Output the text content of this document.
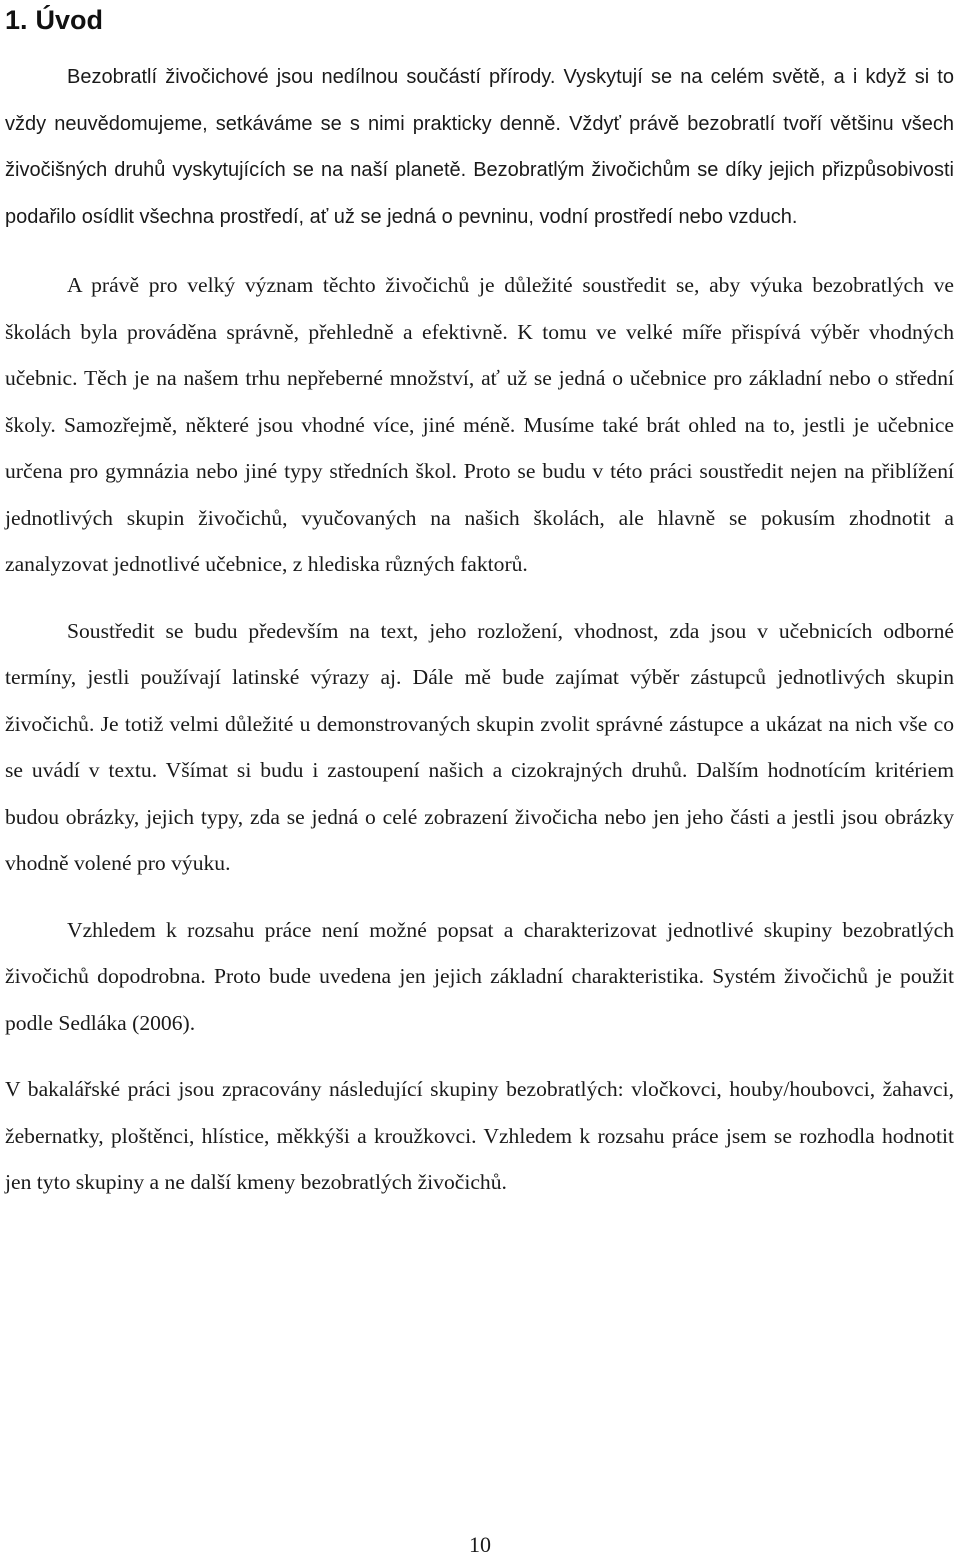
1. Úvod

Bezobratlí živočichové jsou nedílnou součástí přírody. Vyskytují se na celém světě, a i když si to vždy neuvědomujeme, setkáváme se s nimi prakticky denně. Vždyť právě bezobratlí tvoří většinu všech živočišných druhů vyskytujících se na naší planetě. Bezobratlým živočichům se díky jejich přizpůsobivosti podařilo osídlit všechna prostředí, ať už se jedná o pevninu, vodní prostředí nebo vzduch.

A právě pro velký význam těchto živočichů je důležité soustředit se, aby výuka bezobratlých ve školách byla prováděna správně, přehledně a efektivně. K tomu ve velké míře přispívá výběr vhodných učebnic. Těch je na našem trhu nepřeberné množství, ať už se jedná o učebnice pro základní nebo o střední školy. Samozřejmě, některé jsou vhodné více, jiné méně. Musíme také brát ohled na to, jestli je učebnice určena pro gymnázia nebo jiné typy středních škol. Proto se budu v této práci soustředit nejen na přiblížení jednotlivých skupin živočichů, vyučovaných na našich školách, ale hlavně se pokusím zhodnotit a zanalyzovat jednotlivé učebnice, z hlediska různých faktorů.

Soustředit se budu především na text, jeho rozložení, vhodnost, zda jsou v učebnicích odborné termíny, jestli používají latinské výrazy aj. Dále mě bude zajímat výběr zástupců jednotlivých skupin živočichů. Je totiž velmi důležité u demonstrovaných skupin zvolit správné zástupce a ukázat na nich vše co se uvádí v textu. Všímat si budu i zastoupení našich a cizokrajných druhů. Dalším hodnotícím kritériem budou obrázky, jejich typy, zda se jedná o celé zobrazení živočicha nebo jen jeho části a jestli jsou obrázky vhodně volené pro výuku.

Vzhledem k rozsahu práce není možné popsat a charakterizovat jednotlivé skupiny bezobratlých živočichů dopodrobna. Proto bude uvedena jen jejich základní charakteristika. Systém živočichů je použit podle Sedláka (2006).

V bakalářské práci jsou zpracovány následující skupiny bezobratlých: vločkovci, houby/houbovci, žahavci, žebernatky, ploštěnci, hlístice, měkkýši a kroužkovci. Vzhledem k rozsahu práce jsem se rozhodla hodnotit jen tyto skupiny a ne další kmeny bezobratlých živočichů.

10
